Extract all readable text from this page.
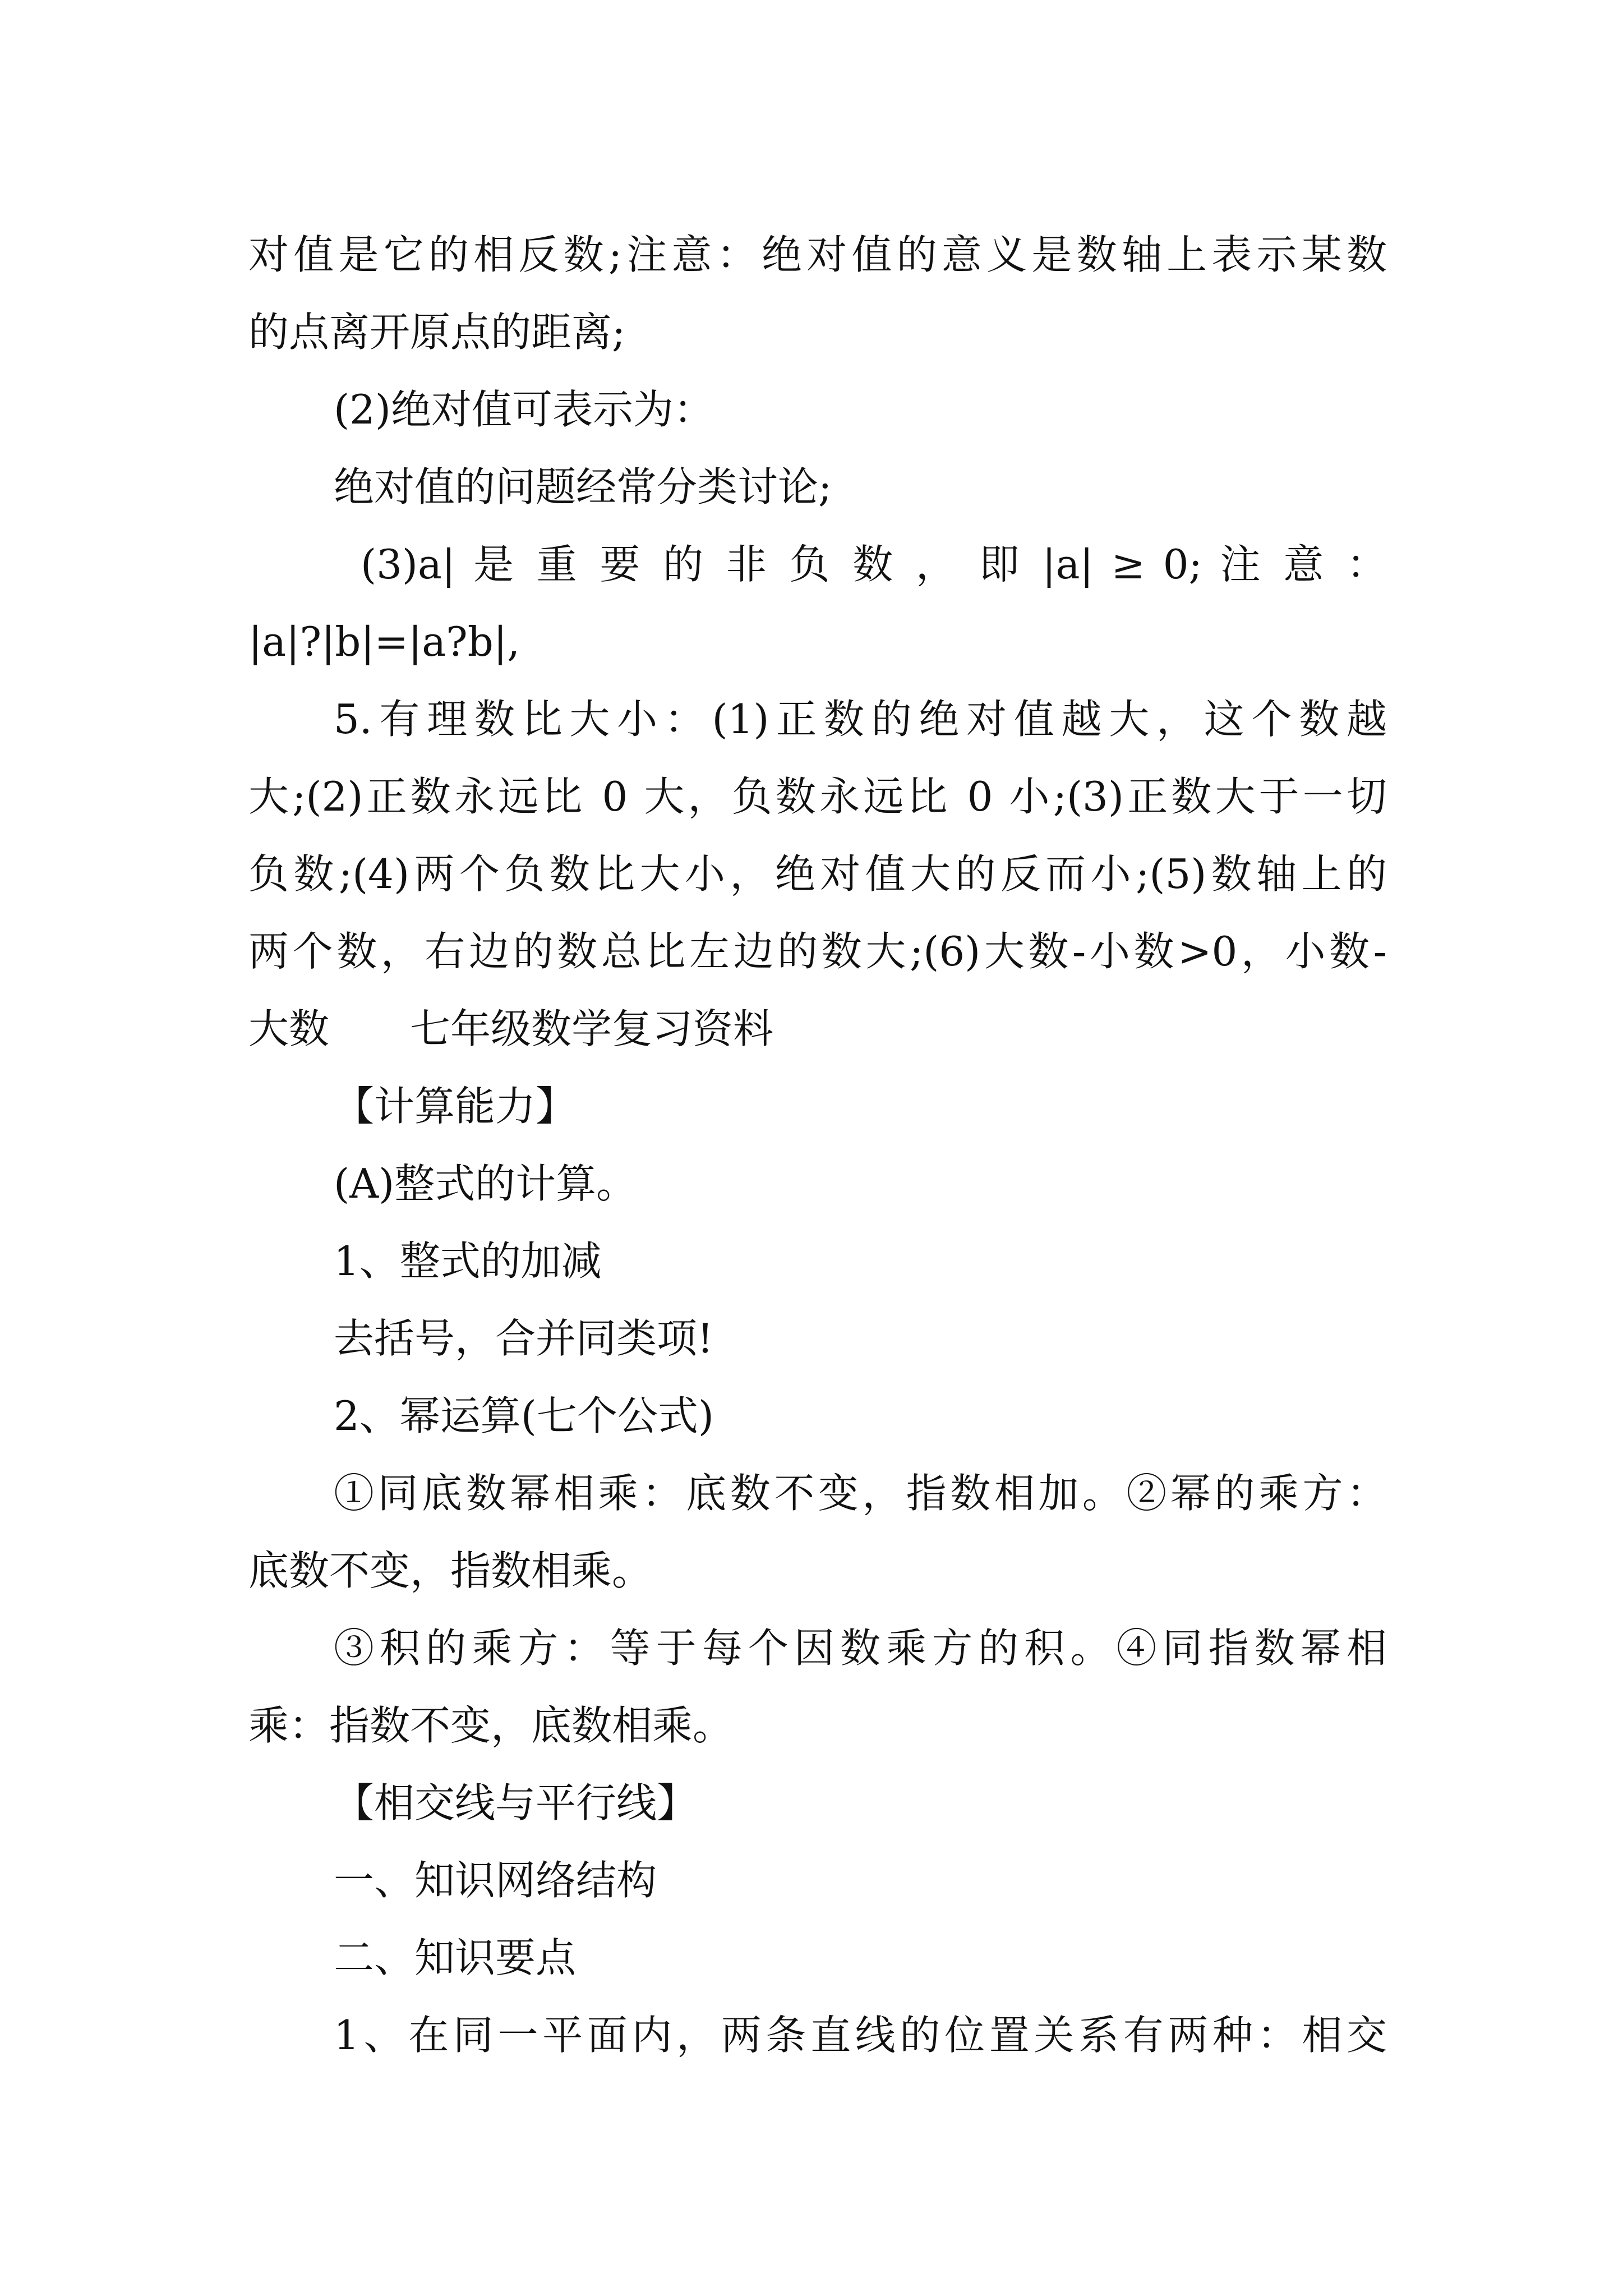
对值是它的相反数;注意：绝对值的意义是数轴上表示某数
的点离开原点的距离;
(2)绝对值可表示为：
绝对值的问题经常分类讨论;
(3)a| 是 重 要 的 非 负 数 ， 即 |a| ≥ 0; 注 意 ：
|a|?|b|=|a?b|,
5.有理数比大小：(1)正数的绝对值越大，这个数越
大;(2)正数永远比 0 大，负数永远比 0 小;(3)正数大于一切
负数;(4)两个负数比大小，绝对值大的反而小;(5)数轴上的
两个数，右边的数总比左边的数大;(6)大数-小数>0，小数-
大数　　七年级数学复习资料
【计算能力】
(A)整式的计算。
1、整式的加减
去括号，合并同类项!
2、幂运算(七个公式)
①同底数幂相乘：底数不变，指数相加。②幂的乘方：
底数不变，指数相乘。
③积的乘方：等于每个因数乘方的积。④同指数幂相
乘：指数不变，底数相乘。
【相交线与平行线】
一、知识网络结构
二、知识要点
1、在同一平面内，两条直线的位置关系有两种：相交
